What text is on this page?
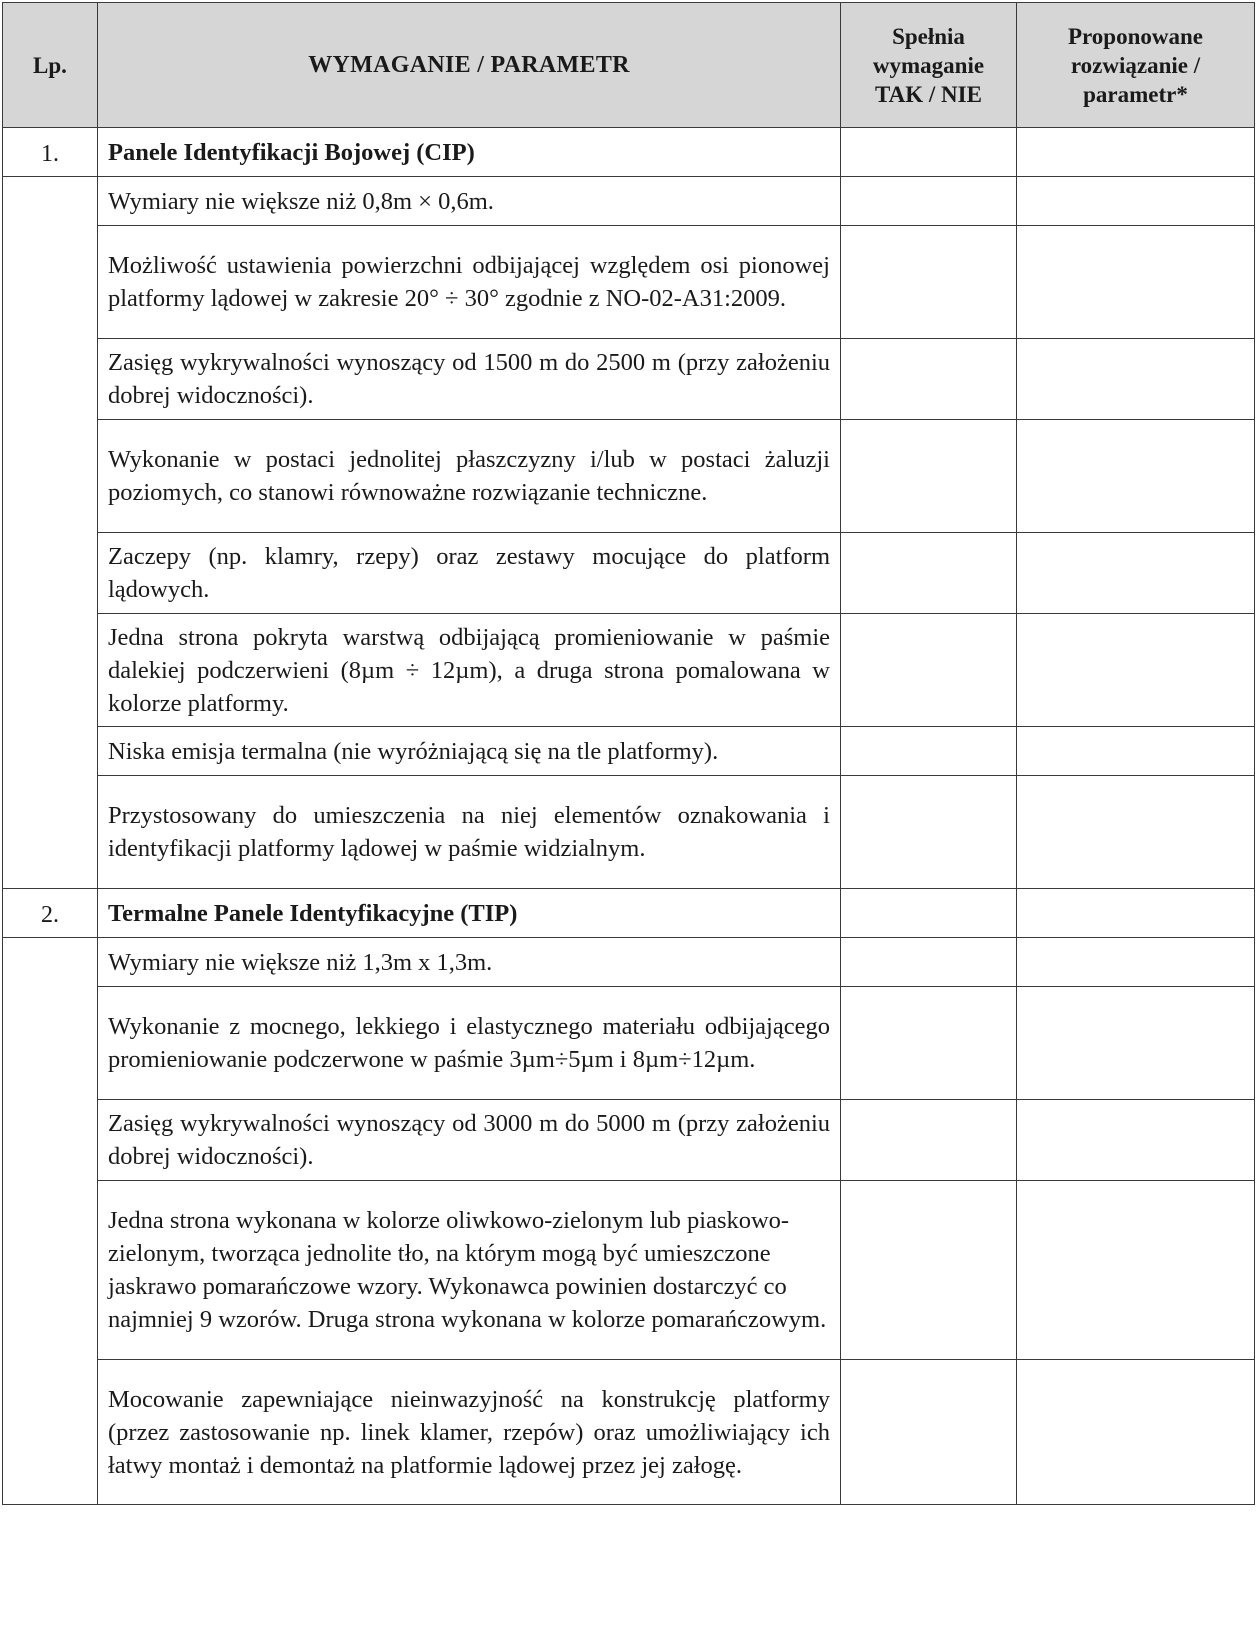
Lp.	WYMAGANIE / PARAMETR	Spełnia wymaganie TAK / NIE	Proponowane rozwiązanie / parametr*

1.	Panele Identyfikacji Bojowej (CIP)		
	Wymiary nie większe niż 0,8m × 0,6m.		
	Możliwość ustawienia powierzchni odbijającej względem osi pionowej platformy lądowej w zakresie 20° ÷ 30° zgodnie z NO-02-A31:2009.		
	Zasięg wykrywalności wynoszący od 1500 m do 2500 m (przy założeniu dobrej widoczności).		
	Wykonanie w postaci jednolitej płaszczyzny i/lub w postaci żaluzji poziomych, co stanowi równoważne rozwiązanie techniczne.		
	Zaczepy (np. klamry, rzepy) oraz zestawy mocujące do platform lądowych.		
	Jedna strona pokryta warstwą odbijającą promieniowanie w paśmie dalekiej podczerwieni (8µm ÷ 12µm), a druga strona pomalowana w kolorze platformy.		
	Niska emisja termalna (nie wyróżniającą się na tle platformy).		
	Przystosowany do umieszczenia na niej elementów oznakowania i identyfikacji platformy lądowej w paśmie widzialnym.		
2.	Termalne Panele Identyfikacyjne (TIP)		
	Wymiary nie większe niż 1,3m x 1,3m.		
	Wykonanie z mocnego, lekkiego i elastycznego materiału odbijającego promieniowanie podczerwone w paśmie 3µm÷5µm i 8µm÷12µm.		
	Zasięg wykrywalności wynoszący od 3000 m do 5000 m (przy założeniu dobrej widoczności).		
	Jedna strona wykonana w kolorze oliwkowo-zielonym lub piaskowo-zielonym, tworząca jednolite tło, na którym mogą być umieszczone jaskrawo pomarańczowe wzory. Wykonawca powinien dostarczyć co najmniej 9 wzorów. Druga strona wykonana w kolorze pomarańczowym.		
	Mocowanie zapewniające nieinwazyjność na konstrukcję platformy (przez zastosowanie np. linek klamer, rzepów) oraz umożliwiający ich łatwy montaż i demontaż na platformie lądowej przez jej załogę.		
